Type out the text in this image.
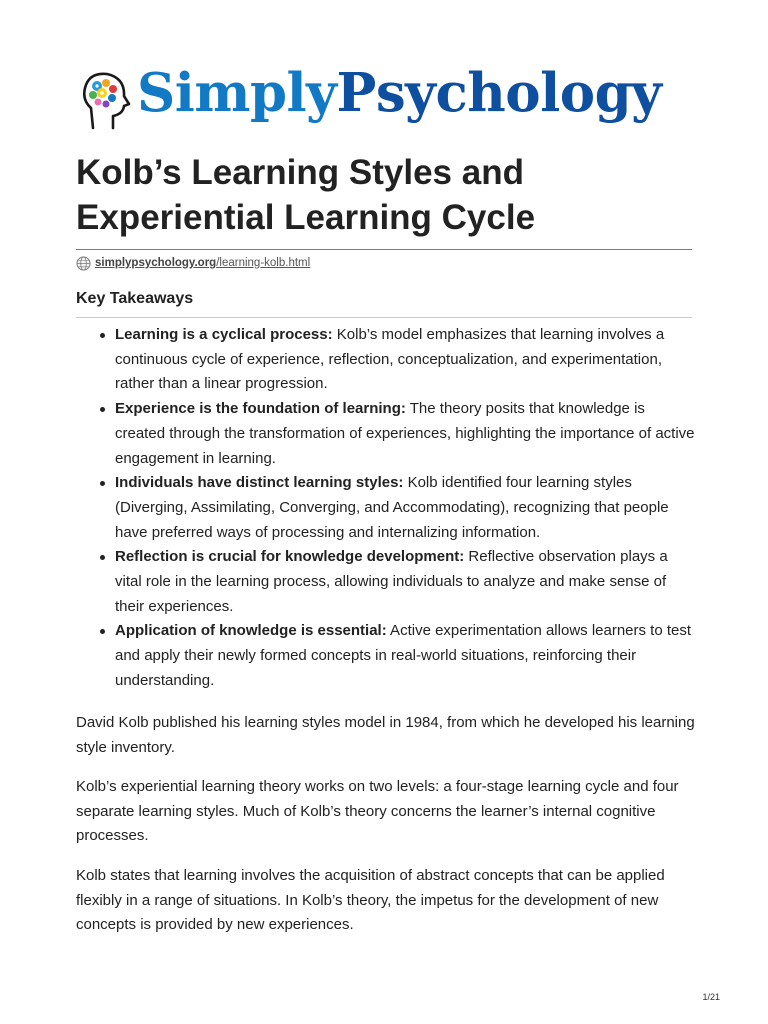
SimplyPsychology
Kolb’s Learning Styles and Experiential Learning Cycle
simplypsychology.org/learning-kolb.html
Key Takeaways
Learning is a cyclical process: Kolb’s model emphasizes that learning involves a continuous cycle of experience, reflection, conceptualization, and experimentation, rather than a linear progression.
Experience is the foundation of learning: The theory posits that knowledge is created through the transformation of experiences, highlighting the importance of active engagement in learning.
Individuals have distinct learning styles: Kolb identified four learning styles (Diverging, Assimilating, Converging, and Accommodating), recognizing that people have preferred ways of processing and internalizing information.
Reflection is crucial for knowledge development: Reflective observation plays a vital role in the learning process, allowing individuals to analyze and make sense of their experiences.
Application of knowledge is essential: Active experimentation allows learners to test and apply their newly formed concepts in real-world situations, reinforcing their understanding.

David Kolb published his learning styles model in 1984, from which he developed his learning style inventory.

Kolb’s experiential learning theory works on two levels: a four-stage learning cycle and four separate learning styles. Much of Kolb’s theory concerns the learner’s internal cognitive processes.

Kolb states that learning involves the acquisition of abstract concepts that can be applied flexibly in a range of situations. In Kolb’s theory, the impetus for the development of new concepts is provided by new experiences.

1/21
